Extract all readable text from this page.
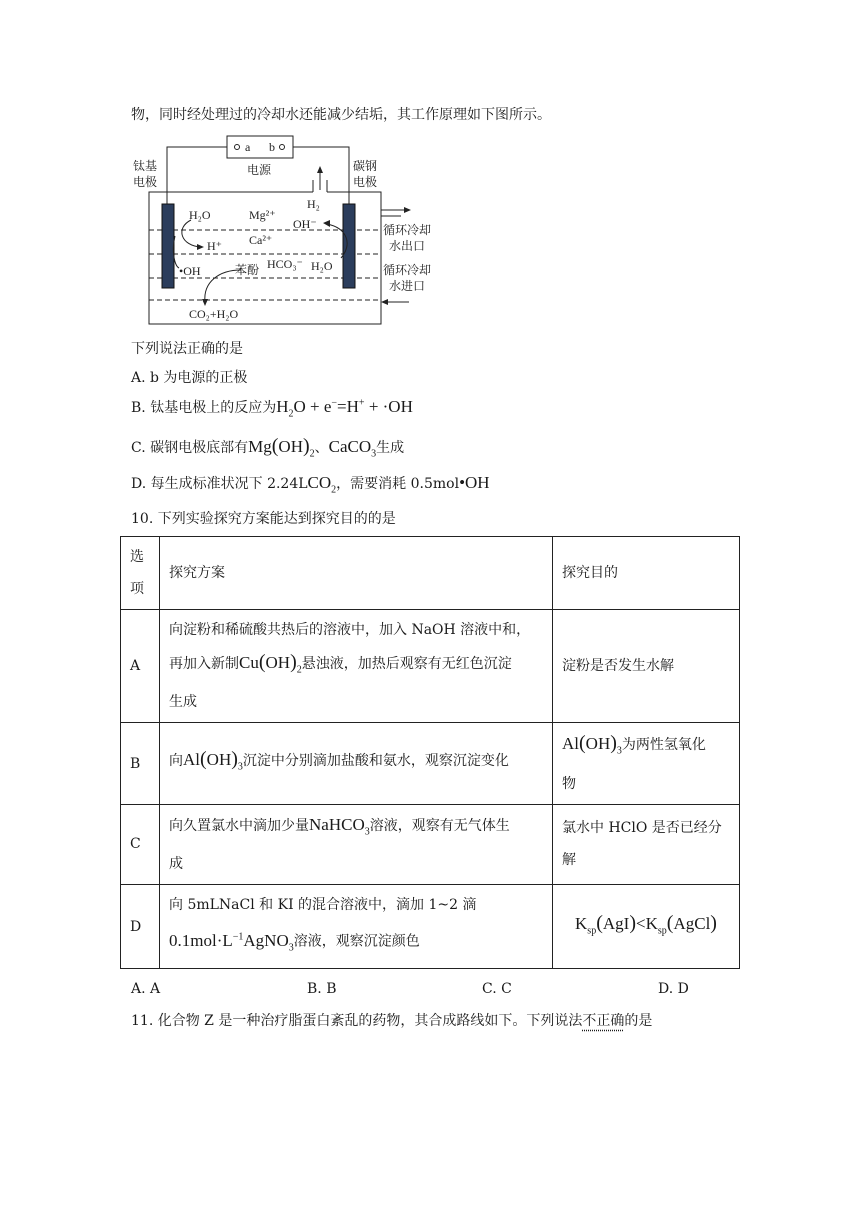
物，同时经处理过的冷却水还能减少结垢，其工作原理如下图所示。
a b
电源
钛基
电极
碳钢
电极
H₂O	Mg²⁺
H₂
OH⁻
H⁺ Ca²⁺
•OH	苯酚 HCO₃⁻ H₂O
CO₂+H₂O
循环冷却
水出口
循环冷却
水进口
下列说法正确的是
A. b 为电源的正极
B. 钛基电极上的反应为$H_2O + e^-=H^+ + \cdot OH$
C. 碳钢电极底部有$Mg(OH)_2$、CaCO$_3$生成
D. 每生成标准状况下 $2.24LCO_2$，需要消耗 0.5mol•OH
10. 下列实验探究方案能达到探究目的的是
选
项	探究方案	探究目的
A	向淀粉和稀硫酸共热后的溶液中，加入 NaOH 溶液中和，
再加入新制$Cu(OH)_2$悬浊液，加热后观察有无红色沉淀
生成	淀粉是否发生水解
B	向$Al(OH)_3$沉淀中分别滴加盐酸和氨水，观察沉淀变化	$Al(OH)_3$为两性氢氧化
物
C	向久置氯水中滴加少量NaHCO$_3$溶液，观察有无气体生
成	氯水中 HClO 是否已经分
解
D	向 5mLNaCl 和 KI 的混合溶液中，滴加 1~2 滴
$0.1mol\cdot L^{-1}AgNO_3$溶液，观察沉淀颜色	$K_{sp}(AgI)<K_{sp}(AgCl)$
A. A	B. B	C. C	D. D
11. 化合物 Z 是一种治疗脂蛋白紊乱的药物，其合成路线如下。下列说法不正确的是
